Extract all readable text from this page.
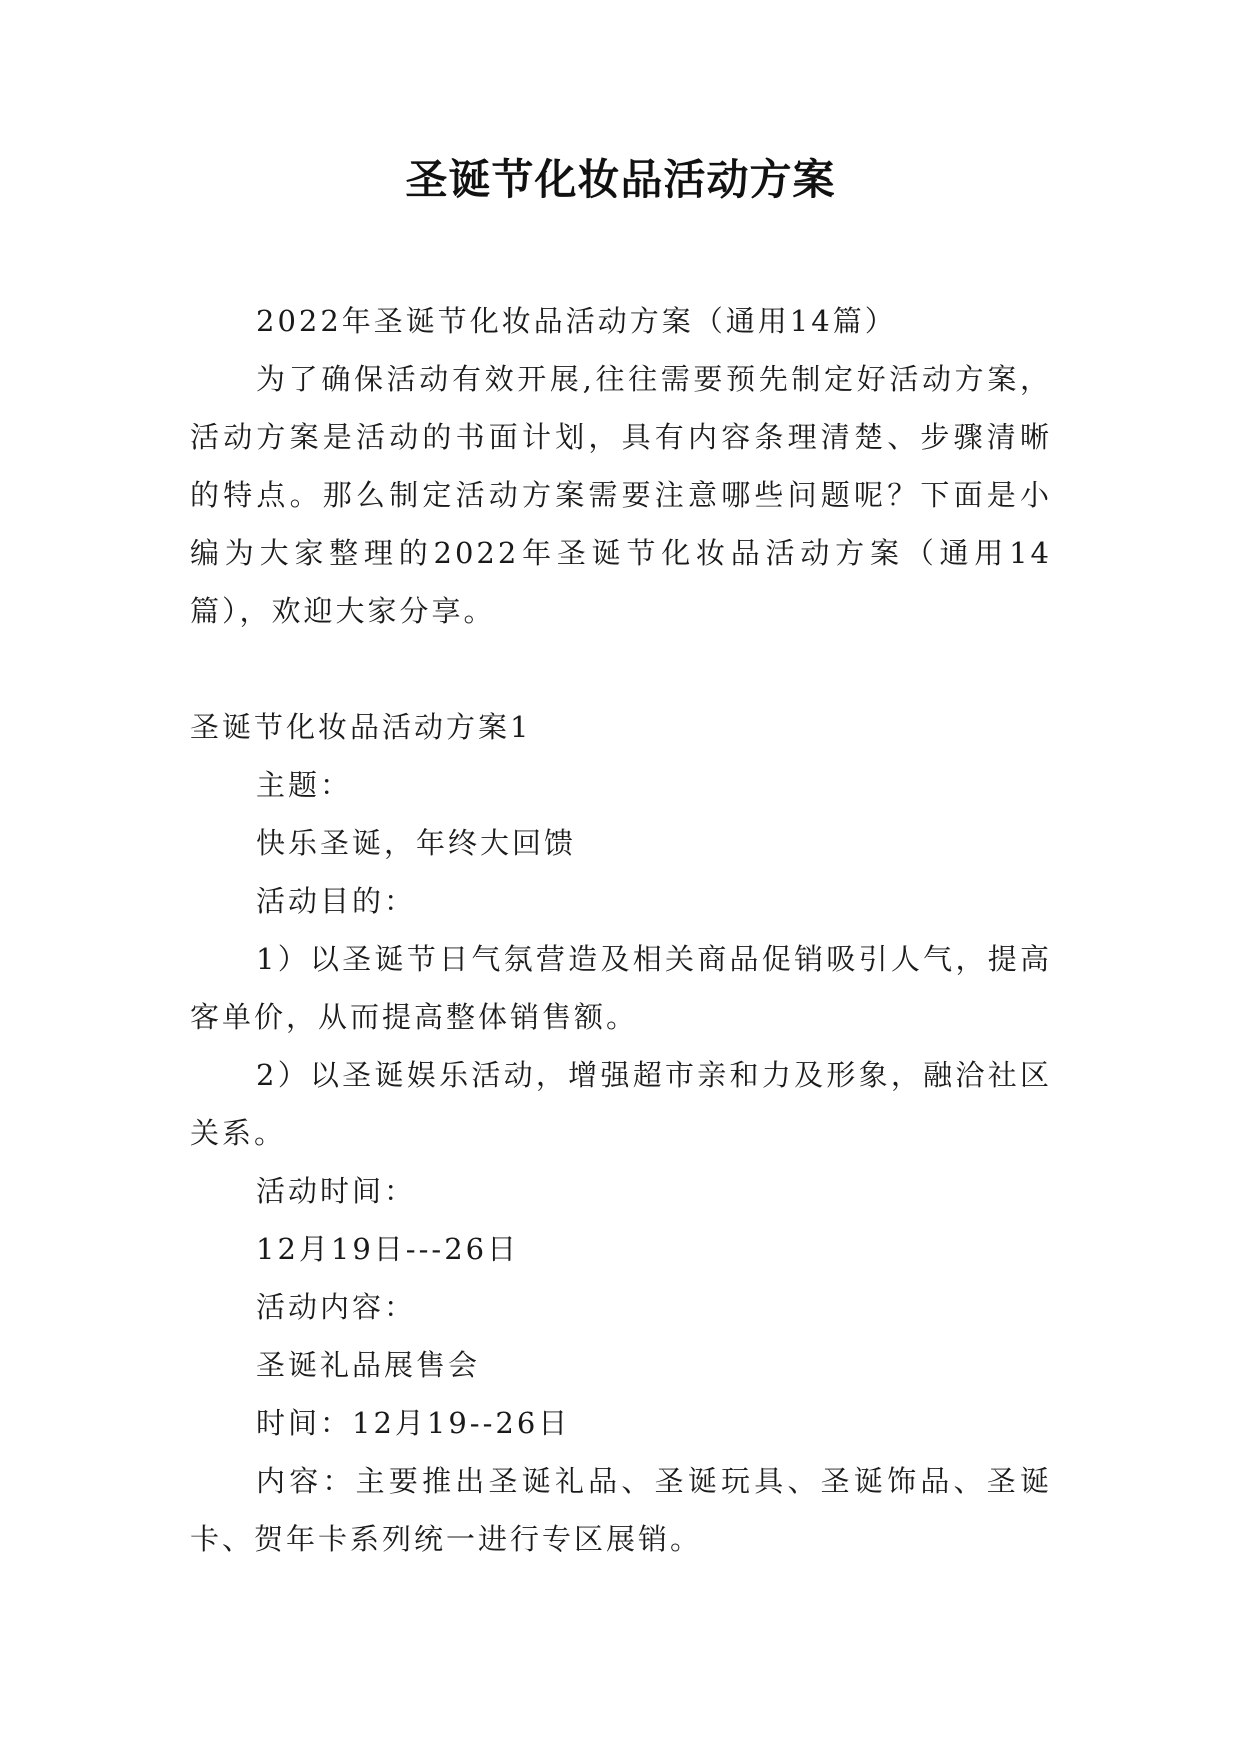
圣诞节化妆品活动方案

2022年圣诞节化妆品活动方案（通用14篇）

为了确保活动有效开展,往往需要预先制定好活动方案，活动方案是活动的书面计划，具有内容条理清楚、步骤清晰的特点。那么制定活动方案需要注意哪些问题呢？下面是小编为大家整理的2022年圣诞节化妆品活动方案（通用14篇），欢迎大家分享。

圣诞节化妆品活动方案1

主题：

快乐圣诞，年终大回馈

活动目的：

1）以圣诞节日气氛营造及相关商品促销吸引人气，提高客单价，从而提高整体销售额。

2）以圣诞娱乐活动，增强超市亲和力及形象，融洽社区关系。

活动时间：

12月19日---26日

活动内容：

圣诞礼品展售会

时间：12月19--26日

内容：主要推出圣诞礼品、圣诞玩具、圣诞饰品、圣诞卡、贺年卡系列统一进行专区展销。
